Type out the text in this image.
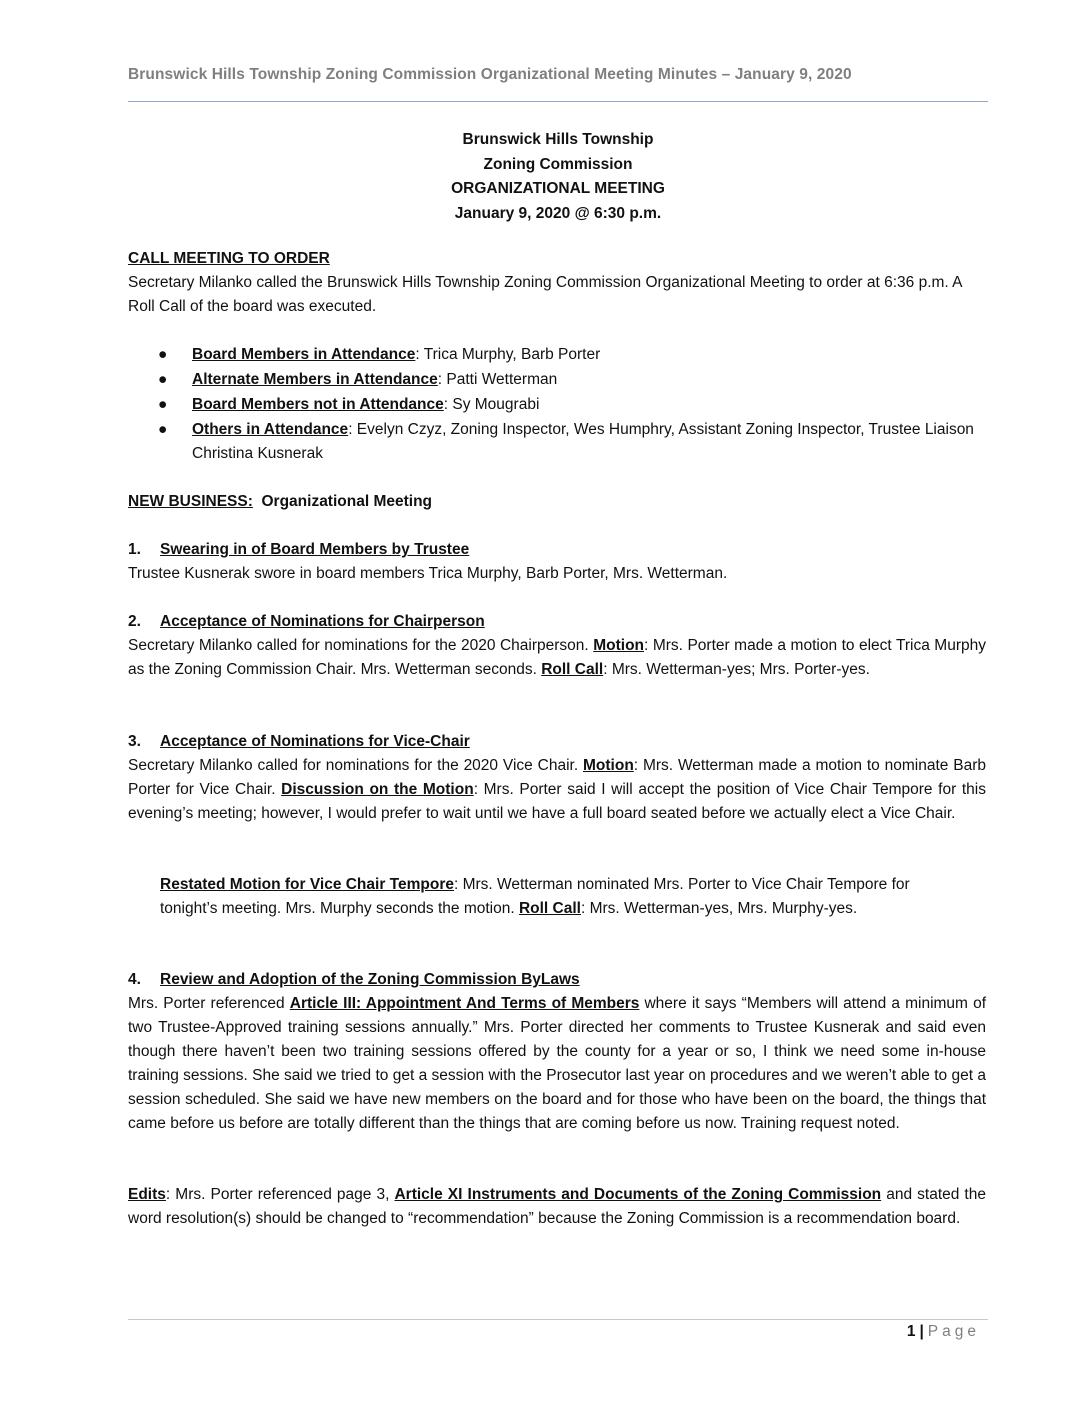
Brunswick Hills Township Zoning Commission Organizational Meeting Minutes – January 9, 2020
Brunswick Hills Township
Zoning Commission
ORGANIZATIONAL MEETING
January 9, 2020 @ 6:30 p.m.
CALL MEETING TO ORDER
Secretary Milanko called the Brunswick Hills Township Zoning Commission Organizational Meeting to order at 6:36 p.m. A Roll Call of the board was executed.
● Board Members in Attendance: Trica Murphy, Barb Porter
● Alternate Members in Attendance: Patti Wetterman
● Board Members not in Attendance: Sy Mougrabi
● Others in Attendance: Evelyn Czyz, Zoning Inspector, Wes Humphry, Assistant Zoning Inspector, Trustee Liaison Christina Kusnerak
NEW BUSINESS:  Organizational Meeting
1. Swearing in of Board Members by Trustee
Trustee Kusnerak swore in board members Trica Murphy, Barb Porter, Mrs. Wetterman.
2. Acceptance of Nominations for Chairperson
Secretary Milanko called for nominations for the 2020 Chairperson. Motion: Mrs. Porter made a motion to elect Trica Murphy as the Zoning Commission Chair. Mrs. Wetterman seconds. Roll Call: Mrs. Wetterman-yes; Mrs. Porter-yes.
3. Acceptance of Nominations for Vice-Chair
Secretary Milanko called for nominations for the 2020 Vice Chair. Motion: Mrs. Wetterman made a motion to nominate Barb Porter for Vice Chair. Discussion on the Motion: Mrs. Porter said I will accept the position of Vice Chair Tempore for this evening’s meeting; however, I would prefer to wait until we have a full board seated before we actually elect a Vice Chair.
Restated Motion for Vice Chair Tempore: Mrs. Wetterman nominated Mrs. Porter to Vice Chair Tempore for tonight’s meeting. Mrs. Murphy seconds the motion. Roll Call: Mrs. Wetterman-yes, Mrs. Murphy-yes.
4. Review and Adoption of the Zoning Commission ByLaws
Mrs. Porter referenced Article III: Appointment And Terms of Members where it says “Members will attend a minimum of two Trustee-Approved training sessions annually.” Mrs. Porter directed her comments to Trustee Kusnerak and said even though there haven’t been two training sessions offered by the county for a year or so, I think we need some in-house training sessions. She said we tried to get a session with the Prosecutor last year on procedures and we weren’t able to get a session scheduled. She said we have new members on the board and for those who have been on the board, the things that came before us before are totally different than the things that are coming before us now. Training request noted.
Edits: Mrs. Porter referenced page 3, Article XI Instruments and Documents of the Zoning Commission and stated the word resolution(s) should be changed to “recommendation” because the Zoning Commission is a recommendation board.
1 | Page
